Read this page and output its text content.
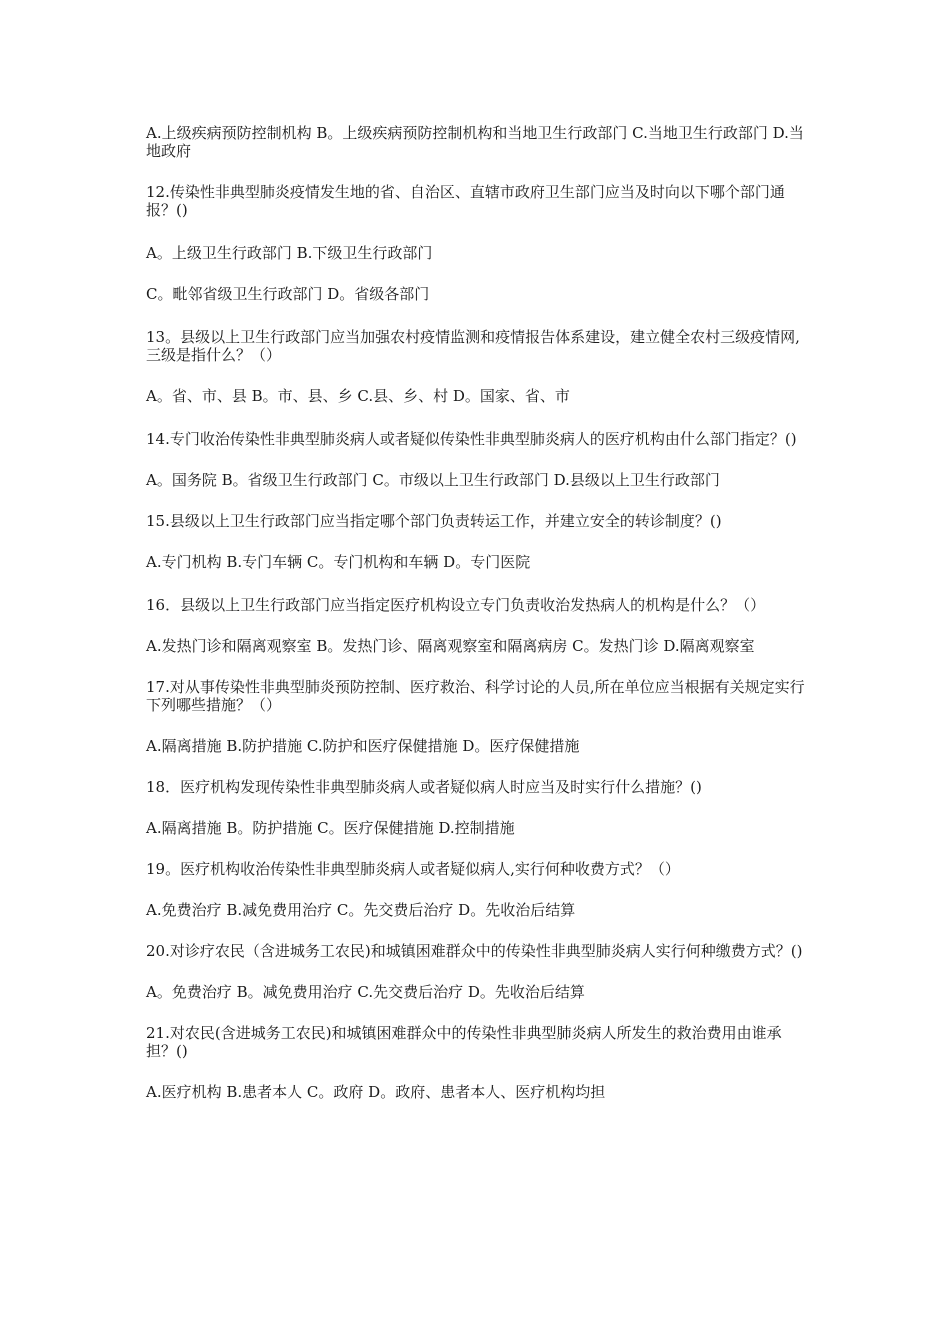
A.上级疾病预防控制机构 B。上级疾病预防控制机构和当地卫生行政部门 C.当地卫生行政部门 D.当地政府

12.传染性非典型肺炎疫情发生地的省、自治区、直辖市政府卫生部门应当及时向以下哪个部门通报？()

A。上级卫生行政部门 B.下级卫生行政部门

C。毗邻省级卫生行政部门 D。省级各部门

13。县级以上卫生行政部门应当加强农村疫情监测和疫情报告体系建设，建立健全农村三级疫情网,三级是指什么？（）

A。省、市、县 B。市、县、乡 C.县、乡、村 D。国家、省、市

14.专门收治传染性非典型肺炎病人或者疑似传染性非典型肺炎病人的医疗机构由什么部门指定？()

A。国务院 B。省级卫生行政部门 C。市级以上卫生行政部门 D.县级以上卫生行政部门

15.县级以上卫生行政部门应当指定哪个部门负责转运工作，并建立安全的转诊制度？()

A.专门机构 B.专门车辆 C。专门机构和车辆 D。专门医院

16．县级以上卫生行政部门应当指定医疗机构设立专门负责收治发热病人的机构是什么？（）

A.发热门诊和隔离观察室 B。发热门诊、隔离观察室和隔离病房 C。发热门诊 D.隔离观察室

17.对从事传染性非典型肺炎预防控制、医疗救治、科学讨论的人员,所在单位应当根据有关规定实行下列哪些措施？（）

A.隔离措施 B.防护措施 C.防护和医疗保健措施 D。医疗保健措施

18．医疗机构发现传染性非典型肺炎病人或者疑似病人时应当及时实行什么措施？()

A.隔离措施 B。防护措施 C。医疗保健措施 D.控制措施

19。医疗机构收治传染性非典型肺炎病人或者疑似病人,实行何种收费方式？（）

A.免费治疗 B.减免费用治疗 C。先交费后治疗 D。先收治后结算

20.对诊疗农民（含进城务工农民)和城镇困难群众中的传染性非典型肺炎病人实行何种缴费方式？()

A。免费治疗 B。减免费用治疗 C.先交费后治疗 D。先收治后结算

21.对农民(含进城务工农民)和城镇困难群众中的传染性非典型肺炎病人所发生的救治费用由谁承担？()

A.医疗机构 B.患者本人 C。政府 D。政府、患者本人、医疗机构均担
